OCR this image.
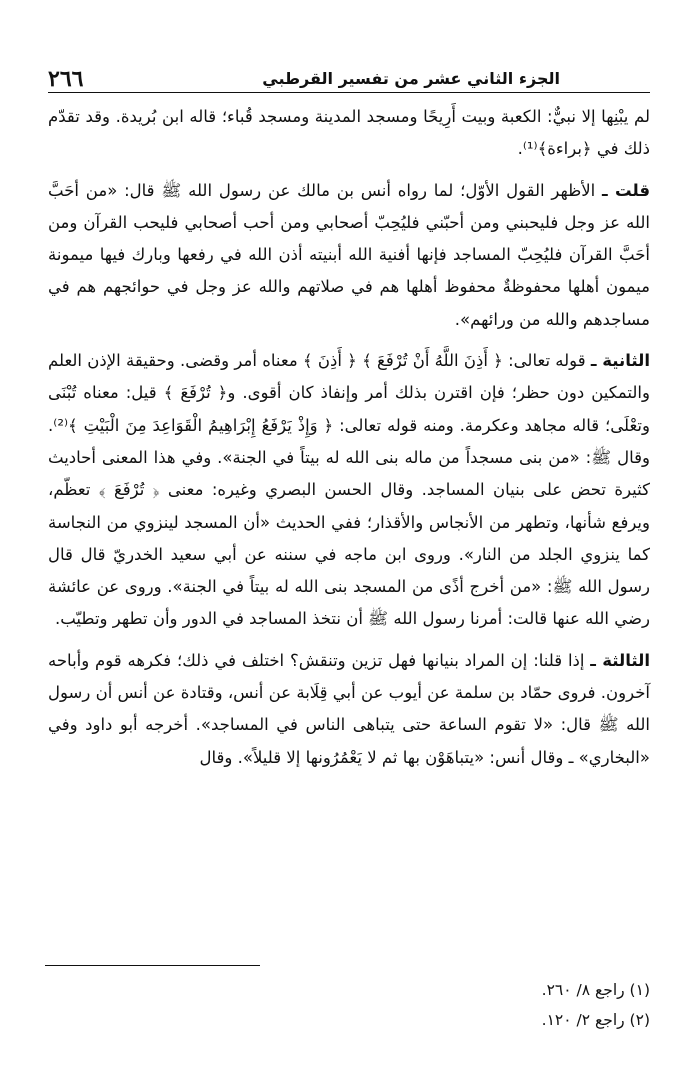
الجزء الثاني عشر من تفسير القرطبي
٢٦٦

لم يبْنِها إلا نبيٌّ: الكعبة وبيت أَرِيحًا ومسجد المدينة ومسجد قُباء؛ قاله ابن بُريدة. وقد تقدّم ذلك في ﴿براءة﴾⁽¹⁾.

قلت ـ الأظهر القول الأوّل؛ لما رواه أنس بن مالك عن رسول الله ﷺ قال: «من أحَبَّ الله عز وجل فليحبني ومن أحبّني فليُحِبّ أصحابي ومن أحب أصحابي فليحب القرآن ومن أحَبَّ القرآن فليُحِبّ المساجد فإنها أفنية الله أبنيته أذن الله في رفعها وبارك فيها ميمونة ميمون أهلها محفوظةٌ محفوظ أهلها هم في صلاتهم والله عز وجل في حوائجهم هم في مساجدهم والله من ورائهم».

الثانية ـ قوله تعالى: ﴿ أَذِنَ اللَّهُ أَنْ تُرْفَعَ ﴾ ﴿ أَذِنَ ﴾ معناه أمر وقضى. وحقيقة الإذن العلم والتمكين دون حظر؛ فإن اقترن بذلك أمر وإنفاذ كان أقوى. و﴿ تُرْفَعَ ﴾ قيل: معناه تُبْنَى وتعْلَى؛ قاله مجاهد وعكرمة. ومنه قوله تعالى: ﴿ وَإِذْ يَرْفَعُ إِبْرَاهِيمُ الْقَوَاعِدَ مِنَ الْبَيْتِ ﴾⁽²⁾. وقال ﷺ: «من بنى مسجداً من ماله بنى الله له بيتاً في الجنة». وفي هذا المعنى أحاديث كثيرة تحض على بنيان المساجد. وقال الحسن البصري وغيره: معنى ﴿ تُرْفَعَ ﴾ تعظّم، ويرفع شأنها، وتطهر من الأنجاس والأقذار؛ ففي الحديث «أن المسجد لينزوي من النجاسة كما ينزوي الجلد من النار». وروى ابن ماجه في سننه عن أبي سعيد الخدريّ قال قال رسول الله ﷺ: «من أخرج أذًى من المسجد بنى الله له بيتاً في الجنة». وروى عن عائشة رضي الله عنها قالت: أمرنا رسول الله ﷺ أن نتخذ المساجد في الدور وأن تطهر وتطيّب.

الثالثة ـ إذا قلنا: إن المراد بنيانها فهل تزين وتنقش؟ اختلف في ذلك؛ فكرهه قوم وأباحه آخرون. فروى حمّاد بن سلمة عن أيوب عن أبي قِلَابة عن أنس، وقتادة عن أنس أن رسول الله ﷺ قال: «لا تقوم الساعة حتى يتباهى الناس في المساجد». أخرجه أبو داود وفي «البخاري» ـ وقال أنس: «يتباهَوْن بها ثم لا يَعْمُرُونها إلا قليلاً». وقال

(١) راجع ٨/ ٢٦٠.

(٢) راجع ٢/ ١٢٠.
